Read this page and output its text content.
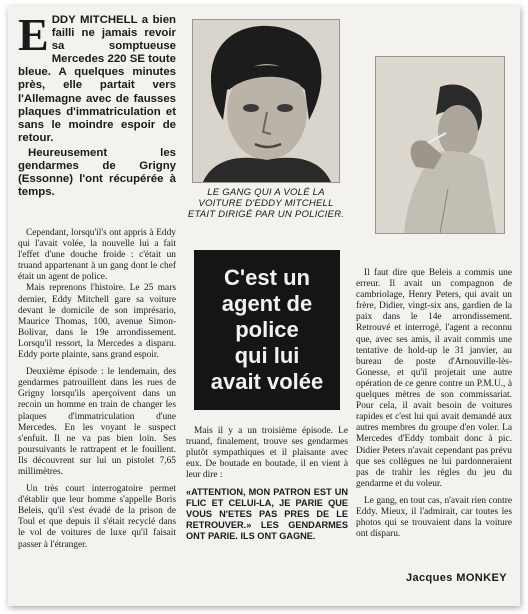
E DDY MITCHELL a bien failli ne jamais revoir sa somptueuse Mercedes 220 SE toute bleue. A quelques minutes près, elle partait vers l'Allemagne avec de fausses plaques d'immatriculation et sans le moindre espoir de retour.

Heureusement les gendarmes de Grigny (Essonne) l'ont récupérée à temps.

Cependant, lorsqu'il's ont appris à Eddy qui l'avait volée, la nouvelle lui a fait l'effet d'une douche froide : c'était un truand appartenant à un gang dont le chef était un agent de police.

Mais reprenons l'histoire. Le 25 mars dernier, Eddy Mitchell gare sa voiture devant le domicile de son imprésario, Maurice Thomas, 100, avenue Simon-Bolivar, dans le 19e arrondissement. Lorsqu'il ressort, la Mercedes a disparu. Eddy porte plainte, sans grand espoir.

Deuxième épisode : le lendemain, des gendarmes patrouillent dans les rues de Grigny lorsqu'ils aperçoivent dans un recoin un homme en train de changer les plaques d'immatriculation d'une Mercedes. En les voyant le suspect s'enfuit. Il ne va pas bien loin. Ses poursuivants le rattrapent et le fouillent. Ils découvrent sur lui un pistolet 7,65 millimètres.

Un très court interrogatoire permet d'établir que leur homme s'appelle Boris Beleis, qu'il s'est évadé de la prison de Toul et que depuis il s'était recyclé dans le vol de voitures de luxe qu'il faisait passer à l'étranger.

LE GANG QUI A VOLÉ LA VOITURE D'EDDY MITCHELL ETAIT DIRIGÉ PAR UN POLICIER.
C'est un
agent de
police
qui lui
avait volée

Mais il y a un troisième épisode. Le truand, finalement, trouve ses gendarmes plutôt sympathiques et il plaisante avec eux. De boutade en boutade, il en vient à leur dire :

«ATTENTION, MON PATRON EST UN FLIC ET CELUI-LA, JE PARIE QUE VOUS N'ETES PAS PRES DE LE RETROUVER.» LES GENDARMES ONT PARIE. ILS ONT GAGNE.

Il faut dire que Beleis a commis une erreur. Il avait un compagnon de cambriolage, Henry Peters, qui avait un frère, Didier, vingt-six ans, gardien de la paix dans le 14e arrondissement. Retrouvé et interrogé, l'agent a reconnu que, avec ses amis, il avait commis une tentative de hold-up le 31 janvier, au bureau de poste d'Arnouville-lès-Gonesse, et qu'il projetait une autre opération de ce genre contre un P.M.U., à quelques mètres de son commissariat. Pour cela, il avait besoin de voitures rapides et c'est lui qui avait demandé aux autres membres du groupe d'en voler. La Mercedes d'Eddy tombait donc à pic. Didier Peters n'avait cependant pas prévu que ses collègues ne lui pardonneraient pas de trahir les règles du jeu du gendarme et du voleur.

Le gang, en tout cas, n'avait rien contre Eddy. Mieux, il l'admirait, car toutes les photos qui se trouvaient dans la voiture ont disparu.

Jacques MONKEY
